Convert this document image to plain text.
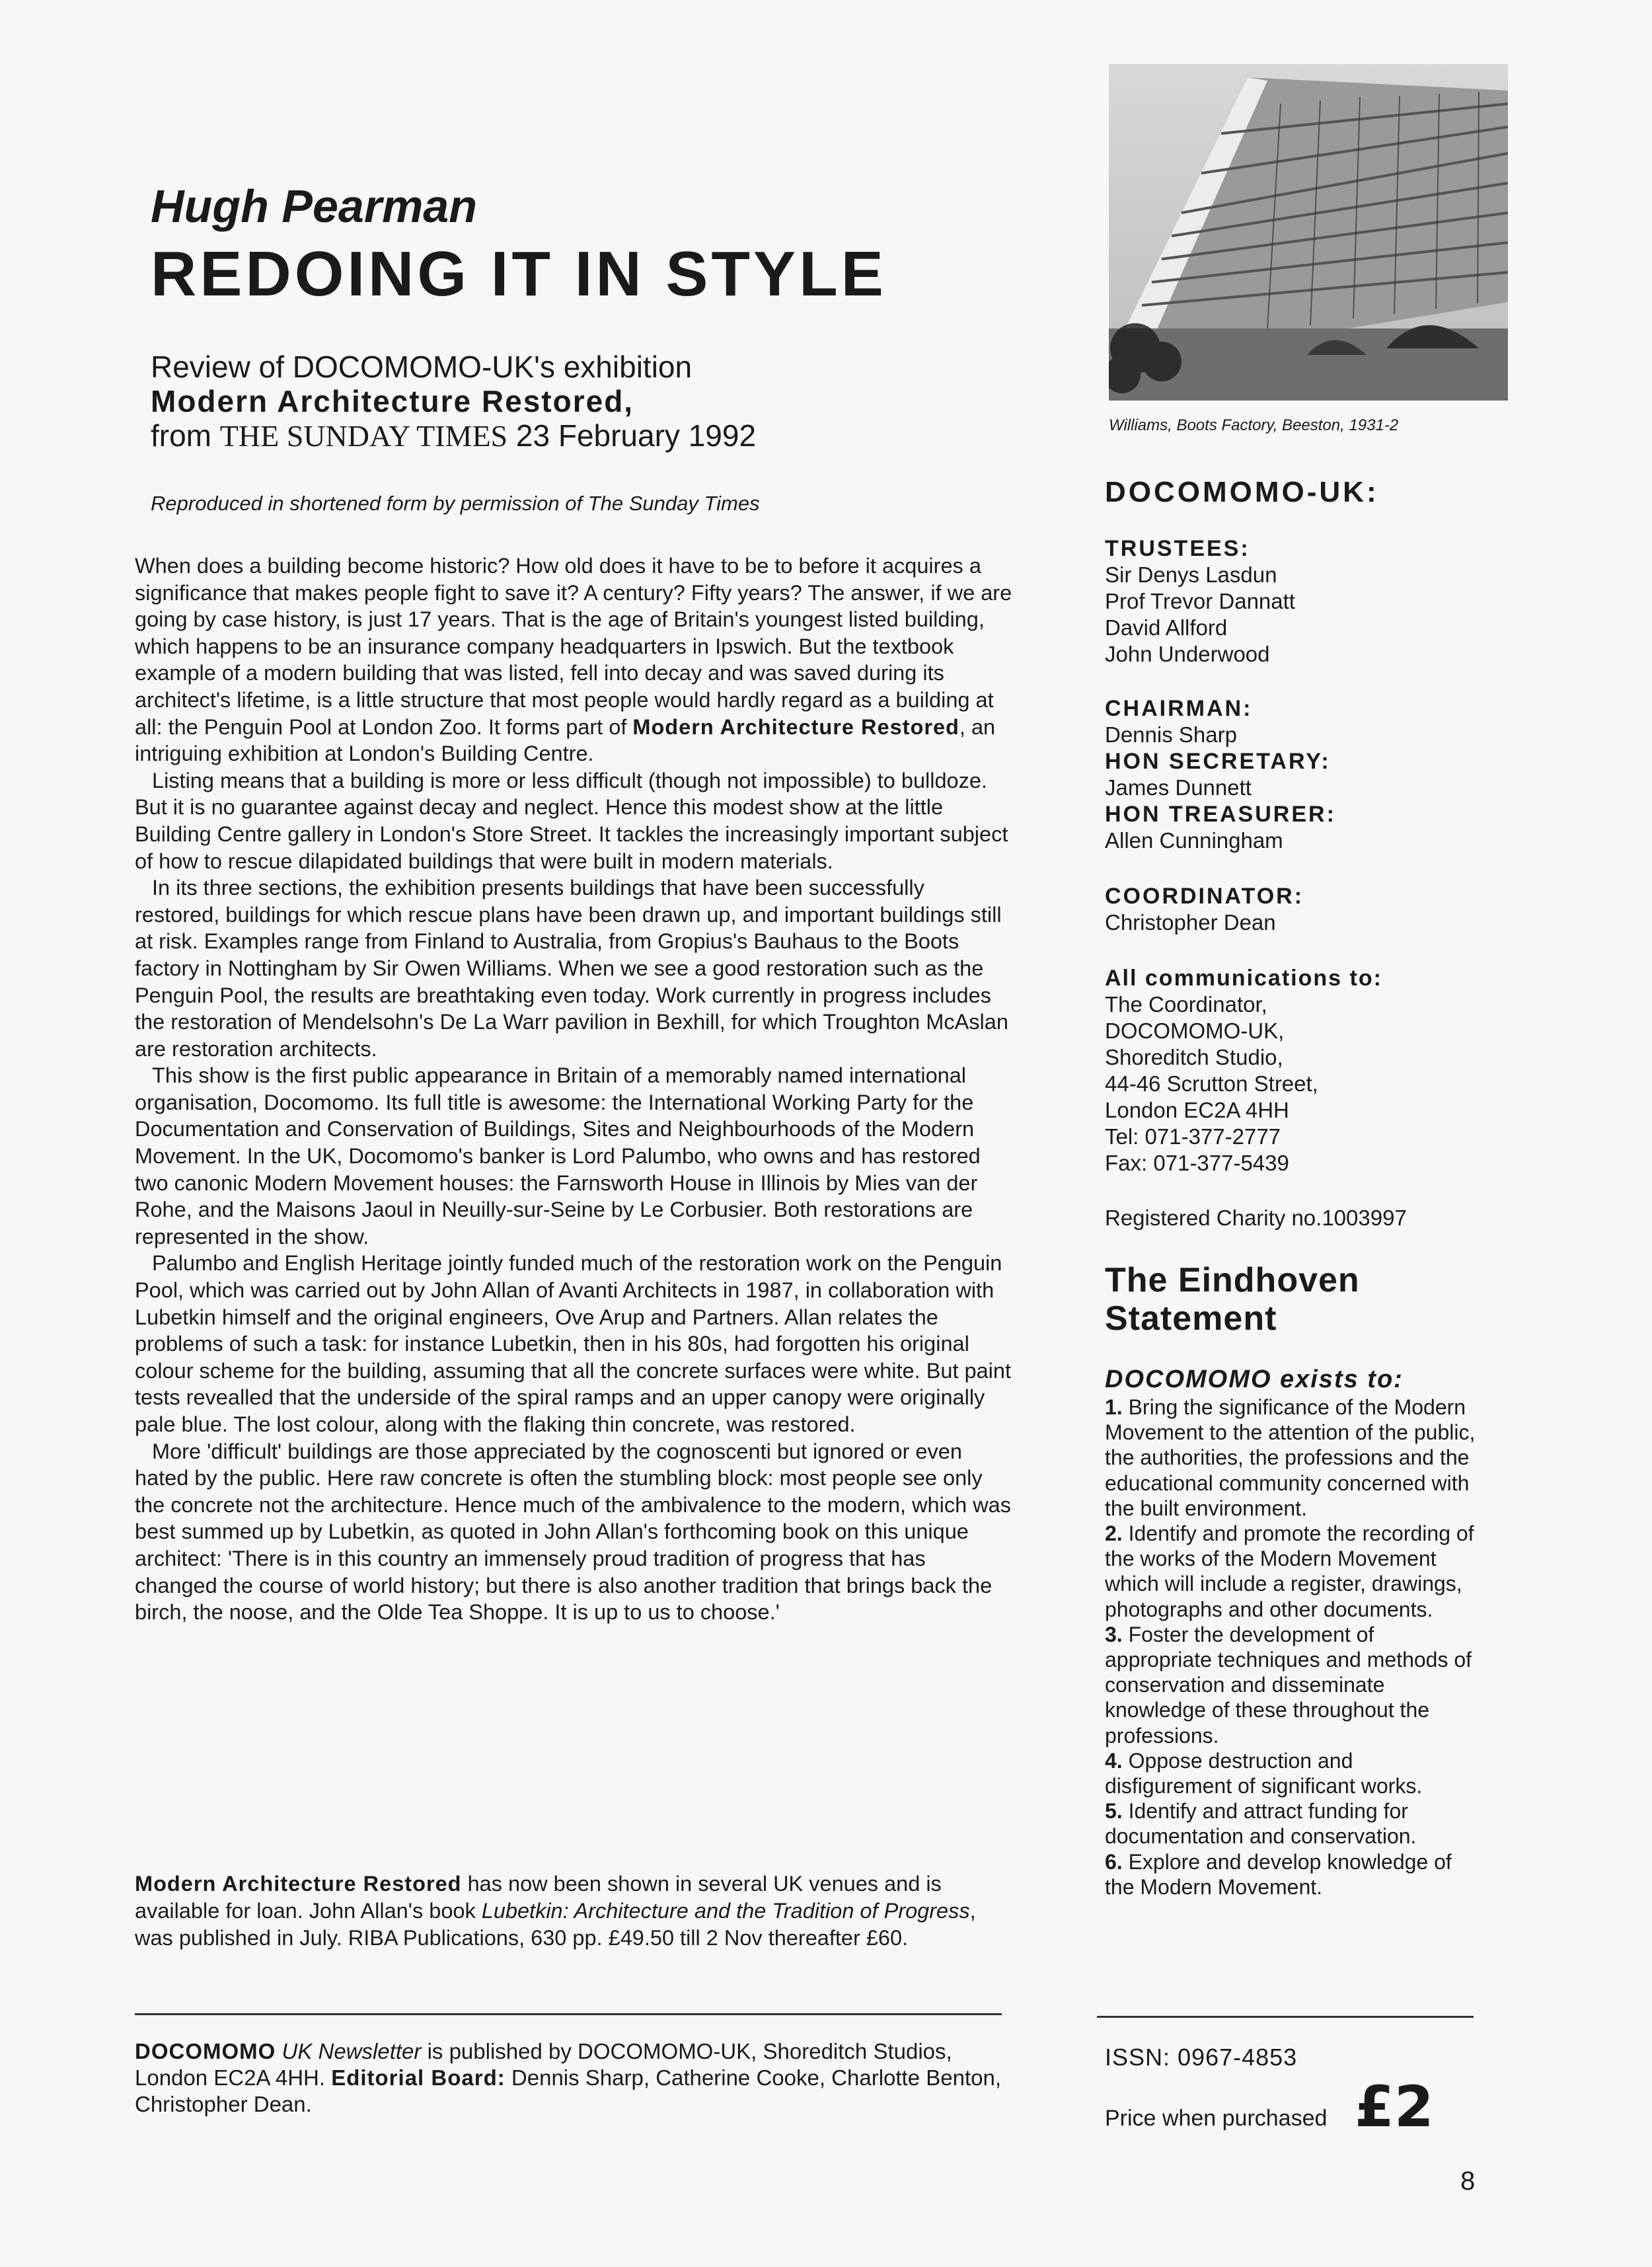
Hugh Pearman
REDOING IT IN STYLE
Review of DOCOMOMO-UK's exhibition
Modern Architecture Restored,
from THE SUNDAY TIMES 23 February 1992
Reproduced in shortened form by permission of The Sunday Times

When does a building become historic? How old does it have to be to before it acquires a significance that makes people fight to save it? A century? Fifty years? The answer, if we are going by case history, is just 17 years. That is the age of Britain's youngest listed building, which happens to be an insurance company headquarters in Ipswich. But the textbook example of a modern building that was listed, fell into decay and was saved during its architect's lifetime, is a little structure that most people would hardly regard as a building at all: the Penguin Pool at London Zoo. It forms part of Modern Architecture Restored, an intriguing exhibition at London's Building Centre.

Listing means that a building is more or less difficult (though not impossible) to bulldoze. But it is no guarantee against decay and neglect. Hence this modest show at the little Building Centre gallery in London's Store Street. It tackles the increasingly important subject of how to rescue dilapidated buildings that were built in modern materials.

In its three sections, the exhibition presents buildings that have been successfully restored, buildings for which rescue plans have been drawn up, and important buildings still at risk. Examples range from Finland to Australia, from Gropius's Bauhaus to the Boots factory in Nottingham by Sir Owen Williams. When we see a good restoration such as the Penguin Pool, the results are breathtaking even today. Work currently in progress includes the restoration of Mendelsohn's De La Warr pavilion in Bexhill, for which Troughton McAslan are restoration architects.

This show is the first public appearance in Britain of a memorably named international organisation, Docomomo. Its full title is awesome: the International Working Party for the Documentation and Conservation of Buildings, Sites and Neighbourhoods of the Modern Movement. In the UK, Docomomo's banker is Lord Palumbo, who owns and has restored two canonic Modern Movement houses: the Farnsworth House in Illinois by Mies van der Rohe, and the Maisons Jaoul in Neuilly-sur-Seine by Le Corbusier. Both restorations are represented in the show.

Palumbo and English Heritage jointly funded much of the restoration work on the Penguin Pool, which was carried out by John Allan of Avanti Architects in 1987, in collaboration with Lubetkin himself and the original engineers, Ove Arup and Partners. Allan relates the problems of such a task: for instance Lubetkin, then in his 80s, had forgotten his original colour scheme for the building, assuming that all the concrete surfaces were white. But paint tests revealled that the underside of the spiral ramps and an upper canopy were originally pale blue. The lost colour, along with the flaking thin concrete, was restored.

More 'difficult' buildings are those appreciated by the cognoscenti but ignored or even hated by the public. Here raw concrete is often the stumbling block: most people see only the concrete not the architecture. Hence much of the ambivalence to the modern, which was best summed up by Lubetkin, as quoted in John Allan's forthcoming book on this unique architect: 'There is in this country an immensely proud tradition of progress that has changed the course of world history; but there is also another tradition that brings back the birch, the noose, and the Olde Tea Shoppe. It is up to us to choose.'

Modern Architecture Restored has now been shown in several UK venues and is available for loan. John Allan's book Lubetkin: Architecture and the Tradition of Progress, was published in July. RIBA Publications, 630 pp. £49.50 till 2 Nov thereafter £60.
DOCOMOMO UK Newsletter is published by DOCOMOMO-UK, Shoreditch Studios, London EC2A 4HH. Editorial Board: Dennis Sharp, Catherine Cooke, Charlotte Benton, Christopher Dean.
Williams, Boots Factory, Beeston, 1931-2
DOCOMOMO-UK:
TRUSTEES:
Sir Denys Lasdun
Prof Trevor Dannatt
David Allford
John Underwood
CHAIRMAN:
Dennis Sharp
HON SECRETARY:
James Dunnett
HON TREASURER:
Allen Cunningham
COORDINATOR:
Christopher Dean
All communications to:
The Coordinator,
DOCOMOMO-UK,
Shoreditch Studio,
44-46 Scrutton Street,
London EC2A 4HH
Tel: 071-377-2777
Fax: 071-377-5439
Registered Charity no.1003997
The Eindhoven
Statement
DOCOMOMO exists to:
1. Bring the significance of the Modern Movement to the attention of the public, the authorities, the professions and the educational community concerned with the built environment.
2. Identify and promote the recording of the works of the Modern Movement which will include a register, drawings, photographs and other documents.
3. Foster the development of appropriate techniques and methods of conservation and disseminate knowledge of these throughout the professions.
4. Oppose destruction and disfigurement of significant works.
5. Identify and attract funding for documentation and conservation.
6. Explore and develop knowledge of the Modern Movement.
ISSN: 0967-4853
Price when purchased £2
8
